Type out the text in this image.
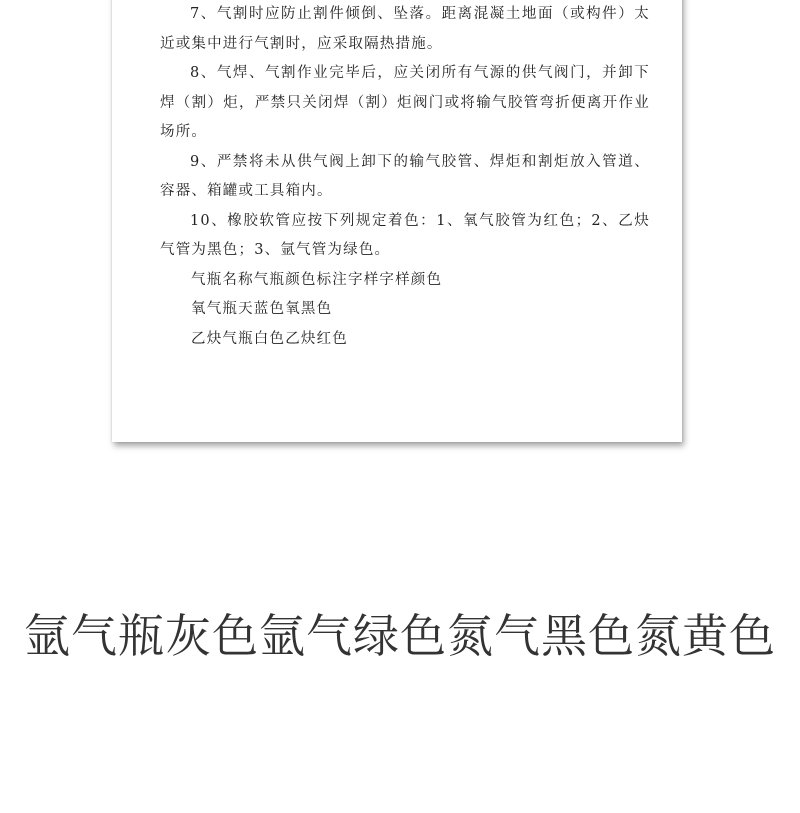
7、气割时应防止割件倾倒、坠落。距离混凝土地面（或构件）太近或集中进行气割时，应采取隔热措施。

8、气焊、气割作业完毕后，应关闭所有气源的供气阀门，并卸下焊（割）炬，严禁只关闭焊（割）炬阀门或将输气胶管弯折便离开作业场所。

9、严禁将未从供气阀上卸下的输气胶管、焊炬和割炬放入管道、容器、箱罐或工具箱内。

10、橡胶软管应按下列规定着色：1、氧气胶管为红色；2、乙炔气管为黑色；3、氩气管为绿色。

气瓶名称气瓶颜色标注字样字样颜色

氧气瓶天蓝色氧黑色

乙炔气瓶白色乙炔红色

氩气瓶灰色氩气绿色氮气黑色氮黄色
